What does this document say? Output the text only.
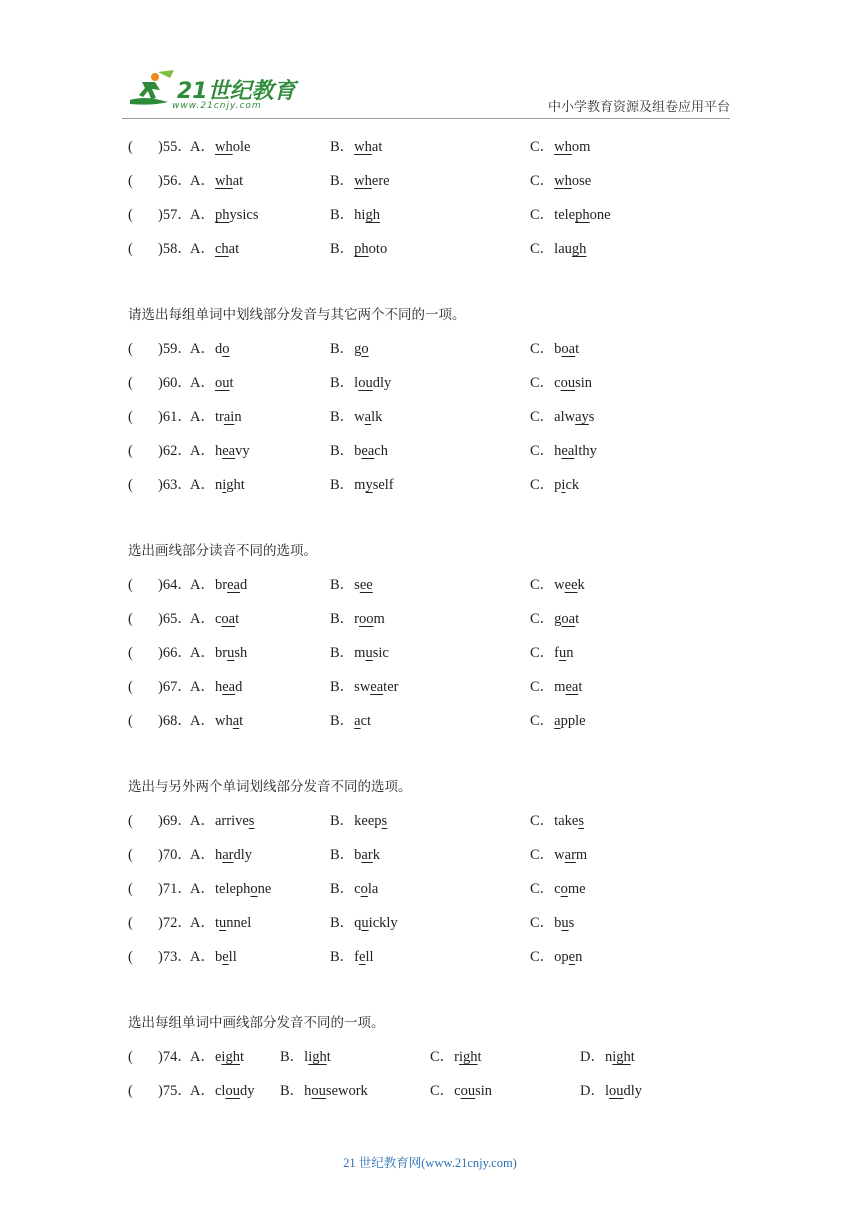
21世纪教育
www.21cnjy.com	中小学教育资源及组卷应用平台
( )55．
A．whole	B．what	C．whom
( )56．
A．what	B．where	C．whose
( )57．
A．physics	B．high	C．telephone
( )58．
A．chat	B．photo	C．laugh
请选出每组单词中划线部分发音与其它两个不同的一项。
( )59．
A．do	B．go	C．boat
( )60．
A．out	B．loudly	C．cousin
( )61．
A．train	B．walk	C．always
( )62．
A．heavy	B．beach	C．healthy
( )63．
A．night	B．myself	C．pick
选出画线部分读音不同的选项。
( )64．
A．bread	B．see	C．week
( )65．
A．coat	B．room	C．goat
( )66．
A．brush	B．music	C．fun
( )67．
A．head	B．sweater	C．meat
( )68．
A．what	B．act	C．apple
选出与另外两个单词划线部分发音不同的选项。
( )69．
A．arrives	B．keeps	C．takes
( )70．
A．hardly	B．bark	C．warm
( )71．
A．telephone	B．cola	C．come
( )72．
A．tunnel	B．quickly	C．bus
( )73．
A．bell	B．fell	C．open
选出每组单词中画线部分发音不同的一项。
( )74．
A．eight B．light	C．right	D．night
( )75．
A．cloudy B．housework	C．cousin	D．loudly
21 世纪教育网(www.21cnjy.com)
